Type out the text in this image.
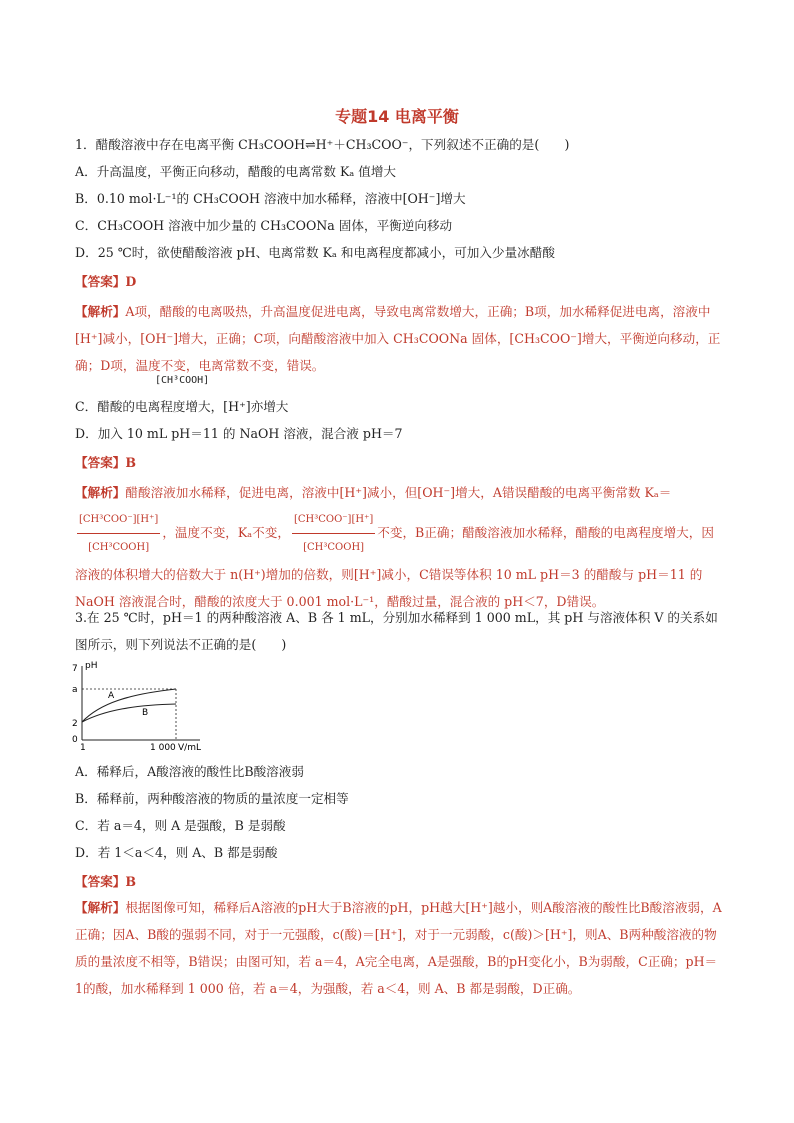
专题14 电离平衡
1．醋酸溶液中存在电离平衡 CH₃COOH⇌H⁺＋CH₃COO⁻，下列叙述不正确的是(　　)
A．升高温度，平衡正向移动，醋酸的电离常数 Kₐ 值增大
B．0.10 mol·L⁻¹的 CH₃COOH 溶液中加水稀释，溶液中[OH⁻]增大
C．CH₃COOH 溶液中加少量的 CH₃COONa 固体，平衡逆向移动
D．25 ℃时，欲使醋酸溶液 pH、电离常数 Kₐ 和电离程度都减小，可加入少量冰醋酸
【答案】D
【解析】A项，醋酸的电离吸热，升高温度促进电离，导致电离常数增大，正确；B项，加水稀释促进电离，溶液中[H⁺]减小，[OH⁻]增大，正确；C项，向醋酸溶液中加入 CH₃COONa 固体，[CH₃COO⁻]增大，平衡逆向移动，正确；D项，温度不变，电离常数不变，错误。
[CH³COOH]
C．醋酸的电离程度增大，[H⁺]亦增大
D．加入 10 mL pH＝11 的 NaOH 溶液，混合液 pH＝7
【答案】B
【解析】醋酸溶液加水稀释，促进电离，溶液中[H⁺]减小，但[OH⁻]增大，A错误醋酸的电离平衡常数 Kₐ＝
$\frac{\text{[CH³COO⁻][H⁺]}}{\text{[CH³COOH]}}$ ，温度不变，Kₐ不变， $\frac{\text{[CH³COO⁻][H⁺]}}{\text{[CH³COOH]}}$ 不变，B正确；醋酸溶液加水稀释，醋酸的电离程度增大，因溶液的体积增大的倍数大于 n(H⁺)增加的倍数，则[H⁺]减小，C错误等体积 10 mL pH＝3 的醋酸与 pH＝11 的 NaOH 溶液混合时，醋酸的浓度大于 0.001 mol·L⁻¹，醋酸过量，混合液的 pH＜7，D错误。
3.在 25 ℃时，pH＝1 的两种酸溶液 A、B 各 1 mL，分别加水稀释到 1 000 mL，其 pH 与溶液体积 V 的关系如图所示，则下列说法不正确的是(　　)
pH
7
a
2
0
A
B
1	1 000 V/mL
A．稀释后，A酸溶液的酸性比B酸溶液弱
B．稀释前，两种酸溶液的物质的量浓度一定相等
C．若 a＝4，则 A 是强酸，B 是弱酸
D．若 1＜a＜4，则 A、B 都是弱酸
【答案】B
【解析】根据图像可知，稀释后A溶液的pH大于B溶液的pH，pH越大[H⁺]越小，则A酸溶液的酸性比B酸溶液弱，A正确；因A、B酸的强弱不同，对于一元强酸，c(酸)＝[H⁺]，对于一元弱酸，c(酸)＞[H⁺]，则A、B两种酸溶液的物质的量浓度不相等，B错误；由图可知，若 a＝4，A完全电离，A是强酸，B的pH变化小，B为弱酸，C正确；pH＝1的酸，加水稀释到 1 000 倍，若 a＝4，为强酸，若 a＜4，则 A、B 都是弱酸，D正确。
